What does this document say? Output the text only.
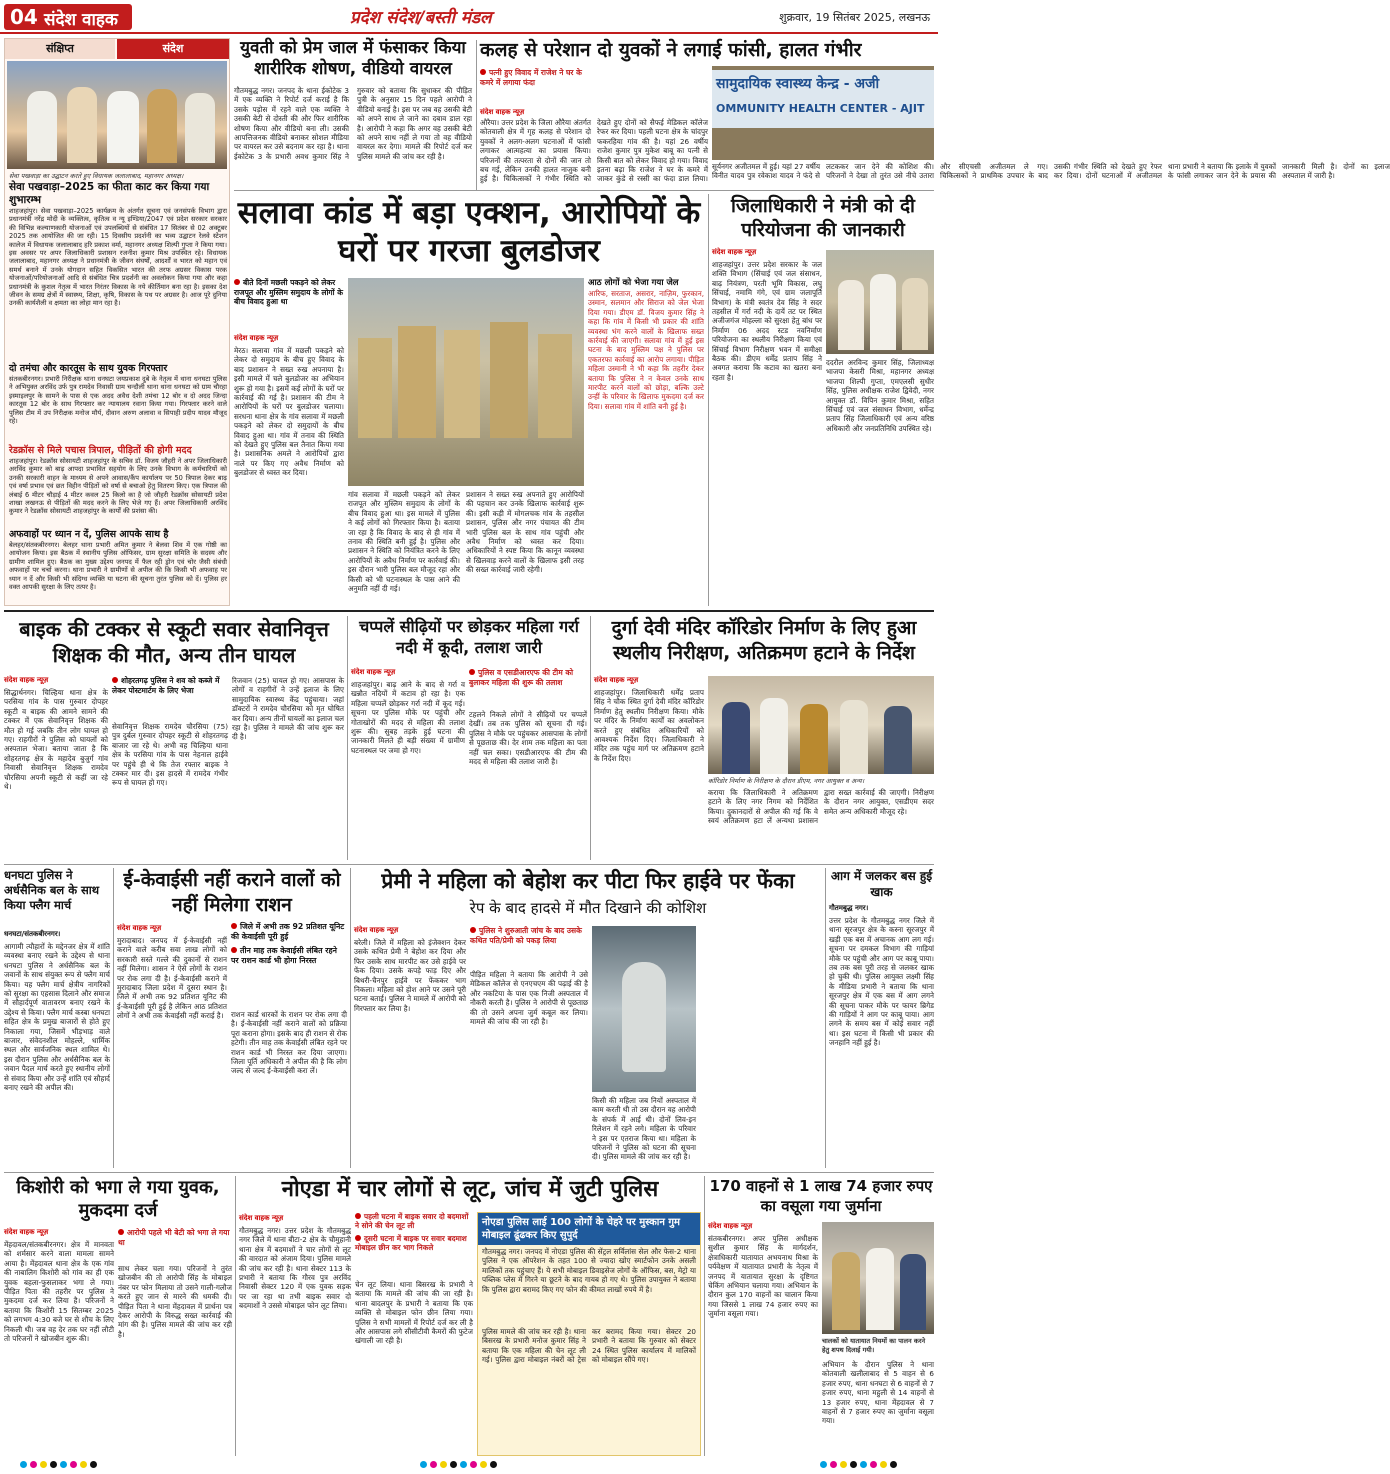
04 संदेश वाहक	प्रदेश संदेश/बस्ती मंडल	शुक्रवार, 19 सितंबर 2025, लखनऊ
संक्षिप्त	संदेश
सेवा पखवाड़ा का उद्घाटन करते हुए विधायक जलालाबाद, महानगर अध्यक्ष।
सेवा पखवाड़ा–2025 का फीता काट कर किया गया शुभारम्भ
शाहजहांपुर। सेवा पखवाड़ा–2025 कार्यक्रम के अंतर्गत सूचना एवं जनसंपर्क विभाग द्वारा प्रधानमंत्री नरेंद्र मोदी के व्यक्तित्व, कृतित्व व न्यू इण्डिया/2047 एवं प्रदेश सरकार सरकार की विभिन्न कल्याणकारी योजनाओं एवं उपलब्धियों से संबंधित 17 सितंबर से 02 अक्टूबर 2025 तक आयोजित की जा रही। 15 दिवसीय प्रदर्शनी का भव्य उद्घाटन रेलवे स्टेशन कालेज में विधायक जलालाबाद हरि प्रकाश वर्मा, महानगर अध्यक्ष शिल्पी गुप्ता ने किया गया। इस अवसर पर अपर जिलाधिकारी प्रशासन रजनीश कुमार मिश्र उपस्थित रहे। विधायक जलालाबाद, महानगर अध्यक्ष ने प्रधानमंत्री के जीवन संघर्षों, आदर्शों व भारत को महान एवं समर्थ बनाने में उनके योगदान सहित विकसित भारत की तरफ अग्रसर विकास परक योजनाओं/परियोजनाओं आदि से संबंधित चित्र प्रदर्शनी का अवलोकन किया गया और कहा प्रधानमंत्री के कुशल नेतृत्व में भारत निरंतर विकास के नये कीर्तिमान बना रहा है। इसका देश जीवन के समग्र क्षेत्रों में स्वास्थ्य, शिक्षा, कृषि, विकास के पथ पर अग्रसर है। आज पूरे दुनिया उनकी कार्यशैली व क्षमता का लोहा मान रहा है।
दो तमंचा और कारतूस के साथ युवक गिरफ्तार
संतकबीरनगर। प्रभारी निरीक्षक थाना धनघटा जयप्रकाश दुबे के नेतृत्व में थाना धनघटा पुलिस ने अभियुक्त अरविंद उर्फ पुत्र रामदेव निवासी ग्राम चन्दौली थाना थाना धनघटा को ग्राम चौरहा इस्माइलपुर के सामने के पास से एक अदद अवैध देशी तमंचा 12 बोर व दो अदद जिन्दा कारतूस 12 बोर के साथ गिरफ्तार कर न्यायालय रवाना किया गया। गिरफ्तार करने वाले पुलिस टीम में उप निरीक्षक मनोज मौर्य, दीवान अरुण अलावा व सिपाही प्रदीप यादव मौजूद रहे।
रेडक्रॉस से मिले पचास त्रिपाल, पीड़ितों की होगी मदद
शाहजहांपुर। रेडक्रॉस सोसायटी शाहजहांपुर के सचिव डॉ. विजय जौहरी ने अपर जिलाधिकारी अरविंद कुमार को बाढ़ आपदा प्रभावित सहयोग के लिए उनके विभाग के कर्मचारियों को उनकी सरकारी वाहन के माध्यम से अपने आवास/कैंप कार्यालय पर 50 त्रिपाल देकर बाढ़ एवं वर्षा प्रभाव एवं छत विहीन पीड़ितों को वर्षा से बचाओ हेतु वितरण किए। एक त्रिपाल की लंबाई 6 मीटर चौड़ाई 4 मीटर कवल 25 किलो का है जो जौहरी रेडक्रॉस सोसायटी प्रदेश शाखा लखनऊ से पीड़ितों की मदद करने के लिए भेजे गए हैं। अपर जिलाधिकारी अरविंद कुमार ने रेडक्रॉस सोसायटी शाहजहांपुर के कार्यों की प्रशंसा की।
अफवाहों पर ध्यान न दें, पुलिस आपके साथ है
बेलहर/संतकबीरनगर। बेलहर थाना प्रभारी अमित कुमार ने बेलवा शिव में एक गोष्ठी का आयोजन किया। इस बैठक में स्थानीय पुलिस ऑफिसर, ग्राम सुरक्षा समिति के सदस्य और ग्रामीण शामिल हुए। बैठक का मुख्य उद्देश्य जनपद में फैल रही ड्रोन एवं चोर जैसी संबंधी अफवाहों पर चर्चा करना। थाना प्रभारी ने ग्रामीणों से अपील की कि किसी भी अफवाह पर ध्यान न दें और किसी भी संदिग्ध व्यक्ति या घटना की सूचना तुरंत पुलिस को दें। पुलिस हर वक्त आपकी सुरक्षा के लिए तत्पर है।
युवती को प्रेम जाल में फंसाकर किया शारीरिक शोषण, वीडियो वायरल
गौतमबुद्ध नगर। जनपद के थाना ईकोटेक 3 में एक व्यक्ति ने रिपोर्ट दर्ज कराई है कि उसके पड़ोस में रहने वाले एक व्यक्ति ने उसकी बेटी से दोस्ती की और फिर शारीरिक शोषण किया और वीडियो बना ली। उसकी आपत्तिजनक वीडियो बनाकर सोशल मीडिया पर वायरल कर उसे बदनाम कर रहा है। थाना ईकोटेक 3 के प्रभारी अवध कुमार सिंह ने गुरुवार को बताया कि सुधाकर की पीड़ित पुत्री के अनुसार 15 दिन पहले आरोपी ने वीडियो बनाई है। इस पर जब वह उसकी बेटी को अपने साथ ले जाने का दबाव डाल रहा है। आरोपी ने कहा कि अगर वह उसकी बेटी को अपने साथ नहीं ले गया तो वह वीडियो वायरल कर देगा। मामले की रिपोर्ट दर्ज कर पुलिस मामले की जांच कर रही है।
कलह से परेशान दो युवकों ने लगाई फांसी, हालत गंभीर
पत्नी हुए विवाद में राजेश ने घर के कमरे में लगाया फंदा
संदेश वाहक न्यूज़
औरैया। उत्तर प्रदेश के जिला औरैया अंतर्गत कोतवाली क्षेत्र में गृह कलह से परेशान दो युवकों ने अलग-अलग घटनाओं में फांसी लगाकर आत्महत्या का प्रयास किया। परिजनों की तत्परता से दोनों की जान तो बच गई, लेकिन उनकी हालत नाजुक बनी हुई है। चिकित्सकों ने गंभीर स्थिति को देखते हुए दोनों को सैफई मेडिकल कॉलेज रेफर कर दिया। पहली घटना क्षेत्र के चांदपुर फकरहिया गांव की है। यहां 26 वर्षीय राजेश कुमार पुत्र मुकेश बाबू का पत्नी से किसी बात को लेकर विवाद हो गया। विवाद इतना बढ़ा कि राजेश ने घर के कमरे में जाकर कुंडे से रस्सी का फंदा डाल लिया।
सामुदायिक स्वास्थ्य केन्द्र - अजी
OMMUNITY HEALTH CENTER - AJIT
सूर्यनगर अजीतमल में हुई। यहां 27 वर्षीय विनीत यादव पुत्र रवेकाश यादव ने फंदे से लटककर जान देने की कोशिश की। परिजनों ने देखा तो तुरंत उसे नीचे उतारा और सीएचसी अजीतमल ले गए। चिकित्सकों ने प्राथमिक उपचार के बाद उसकी गंभीर स्थिति को देखते हुए रेफर कर दिया। दोनों घटनाओं में अजीतमल थाना प्रभारी ने बताया कि इलाके में युवकों के फांसी लगाकर जान देने के प्रयास की जानकारी मिली है। दोनों का इलाज अस्पताल में जारी है।
सलावा कांड में बड़ा एक्शन, आरोपियों के घरों पर गरजा बुलडोजर
बीते दिनों मछली पकड़ने को लेकर राजपूत और मुस्लिम समुदाय के लोगों के बीच विवाद हुआ था
संदेश वाहक न्यूज़
मेरठ। सलावा गांव में मछली पकड़ने को लेकर दो समुदाय के बीच हुए विवाद के बाद प्रशासन ने सख्त रुख अपनाया है। इसी मामले में चले बुलडोजर का अभियान शुरू हो गया है। इसमें कई लोगों के घरों पर कार्रवाई की गई है। प्रशासन की टीम ने आरोपियों के घरों पर बुलडोजर चलाया। सरधना थाना क्षेत्र के गांव सलावा में मछली पकड़ने को लेकर दो समुदायों के बीच विवाद हुआ था। गांव में तनाव की स्थिति को देखते हुए पुलिस बल तैनात किया गया है। प्रशासनिक अमले ने आरोपियों द्वारा नाले पर किए गए अवैध निर्माण को बुलडोजर से ध्वस्त कर दिया।
गांव सलावा में मछली पकड़ने को लेकर राजपूत और मुस्लिम समुदाय के लोगों के बीच विवाद हुआ था। इस मामले में पुलिस ने कई लोगों को गिरफ्तार किया है। बताया जा रहा है कि विवाद के बाद से ही गांव में तनाव की स्थिति बनी हुई है। पुलिस और प्रशासन ने स्थिति को नियंत्रित करने के लिए आरोपियों के अवैध निर्माण पर कार्रवाई की। इस दौरान भारी पुलिस बल मौजूद रहा और किसी को भी घटनास्थल के पास आने की अनुमति नहीं दी गई।
प्रशासन ने सख्त रुख अपनाते हुए आरोपियों की पहचान कर उनके खिलाफ कार्रवाई शुरू की। इसी कड़ी में मोगलचक गांव के तहसील प्रशासन, पुलिस और नगर पंचायत की टीम भारी पुलिस बल के साथ गांव पहुंची और अवैध निर्माण को ध्वस्त कर दिया। अधिकारियों ने स्पष्ट किया कि कानून व्यवस्था से खिलवाड़ करने वालों के खिलाफ इसी तरह की सख्त कार्रवाई जारी रहेगी।
आठ लोगों को भेजा गया जेल
आरिफ, सरताज, असरार, नाज़िम, फुरकान, उस्मान, सलमान और सिराज को जेल भेजा दिया गया। डीएम डॉ. विजय कुमार सिंह ने कहा कि गांव में किसी भी प्रकार की शांति व्यवस्था भंग करने वालों के खिलाफ सख्त कार्रवाई की जाएगी। सलावा गांव में हुई इस घटना के बाद मुस्लिम पक्ष ने पुलिस पर एकतरफा कार्रवाई का आरोप लगाया। पीड़ित महिला उस्मानी ने भी कहा कि तहरीर देकर बताया कि पुलिस ने न केवल उनके साथ मारपीट करने वालों को छोड़ा, बल्कि उल्टे उन्हीं के परिवार के खिलाफ मुकदमा दर्ज कर दिया। सलावा गांव में शांति बनी हुई है।
जिलाधिकारी ने मंत्री को दी परियोजना की जानकारी
संदेश वाहक न्यूज़
शाहजहांपुर। उत्तर प्रदेश सरकार के जल शक्ति विभाग (सिंचाई एवं जल संसाधन, बाढ़ नियंत्रण, परती भूमि विकास, लघु सिंचाई, नमामि गंगे, एवं ग्राम जलापूर्ति विभाग) के मंत्री स्वतंत्र देव सिंह ने सदर तहसील में गर्रा नदी के दायें तट पर स्थित अजीजगंज मोहल्ला को सुरक्षा हेतु बांध पर निर्माण 06 अदद स्टड नवनिर्माण परियोजना का स्थलीय निरीक्षण किया एवं सिंचाई विभाग निरीक्षण भवन में समीक्षा बैठक की। डीएम धर्मेंद्र प्रताप सिंह ने अवगत कराया कि कटाव का खतरा बना रहता है।
ददरौल अरविन्द कुमार सिंह, जिलाध्यक्ष भाजपा केसरी मिश्रा, महानगर अध्यक्ष भाजपा शिल्पी गुप्ता, एमएलसी सुधीर सिंह, पुलिस अधीक्षक राजेश द्विवेदी, नगर आयुक्त डॉ. विपिन कुमार मिश्रा, सहित सिंचाई एवं जल संसाधन विभाग, धर्मेन्द्र प्रताप सिंह जिलाधिकारी एवं अन्य वरिष्ठ अधिकारी और जनप्रतिनिधि उपस्थित रहे।
बाइक की टक्कर से स्कूटी सवार सेवानिवृत्त शिक्षक की मौत, अन्य तीन घायल
संदेश वाहक न्यूज़
सिद्धार्थनगर। चिल्हिया थाना क्षेत्र के परसिया गांव के पास गुरुवार दोपहर स्कूटी व बाइक की आमने सामने की टक्कर में एक सेवानिवृत्त शिक्षक की मौत हो गई जबकि तीन लोग घायल हो गए। राहगीरों ने पुलिस को घायलों को अस्पताल भेजा। बताया जाता है कि शोहरतगढ़ क्षेत्र के महादेव बुजुर्ग गांव निवासी सेवानिवृत्त शिक्षक रामदेव चौरसिया अपनी स्कूटी से कहीं जा रहे थे।
शोहरतगढ़ पुलिस ने शव को कब्जे में लेकर पोस्टमार्टम के लिए भेजा
सेवानिवृत्त शिक्षक रामदेव चौरसिया (75) पुत्र दुर्बल गुरुवार दोपहर स्कूटी से शोहरतगढ़ बाजार जा रहे थे। अभी वह चिल्हिया थाना क्षेत्र के परसिया गांव के पास नेहनाल हाईवे पर पहुंचे ही थे कि तेज रफ्तार बाइक ने टक्कर मार दी। इस हादसे में रामदेव गंभीर रूप से घायल हो गए।
रिजवान (25) घायल हो गए। आसपास के लोगों व राहगीरों ने उन्हें इलाज के लिए सामुदायिक स्वास्थ्य केंद्र पहुंचाया। जहां डॉक्टरों ने रामदेव चौरसिया को मृत घोषित कर दिया। अन्य तीनों घायलों का इलाज चल रहा है। पुलिस ने मामले की जांच शुरू कर दी है।
चप्पलें सीढ़ियों पर छोड़कर महिला गर्रा नदी में कूदी, तलाश जारी
संदेश वाहक न्यूज़
शाहजहांपुर। बाढ़ आने के बाद से गर्रा व खन्नौत नदियों में कटाव हो रहा है। एक महिला चप्पलें छोड़कर गर्रा नदी में कूद गई। सूचना पर पुलिस मौके पर पहुंची और गोताखोरों की मदद से महिला की तलाश शुरू की। सुबह तड़के हुई घटना की जानकारी मिलते ही बड़ी संख्या में ग्रामीण घटनास्थल पर जमा हो गए।
पुलिस व एसडीआरएफ की टीम को बुलाकर महिला की शुरू की तलाश
टहलने निकले लोगों ने सीढ़ियों पर चप्पलें देखीं। तब तक पुलिस को सूचना दी गई। पुलिस ने मौके पर पहुंचकर आसपास के लोगों से पूछताछ की। देर शाम तक महिला का पता नहीं चल सका। एसडीआरएफ की टीम की मदद से महिला की तलाश जारी है।
दुर्गा देवी मंदिर कॉरिडोर निर्माण के लिए हुआ स्थलीय निरीक्षण, अतिक्रमण हटाने के निर्देश
संदेश वाहक न्यूज़
शाहजहांपुर। जिलाधिकारी धर्मेंद्र प्रताप सिंह ने चौक स्थित दुर्गा देवी मंदिर कॉरिडोर निर्माण हेतु स्थलीय निरीक्षण किया। मौके पर मंदिर के निर्माण कार्यों का अवलोकन करते हुए संबंधित अधिकारियों को आवश्यक निर्देश दिए। जिलाधिकारी ने मंदिर तक पहुंच मार्ग पर अतिक्रमण हटाने के निर्देश दिए।
कॉरिडोर निर्माण के निरीक्षण के दौरान डीएम, नगर आयुक्त व अन्य।
कराया कि जिलाधिकारी ने अतिक्रमण हटाने के लिए नगर निगम को निर्देशित किया। दुकानदारों से अपील की गई कि वे स्वयं अतिक्रमण हटा लें अन्यथा प्रशासन द्वारा सख्त कार्रवाई की जाएगी। निरीक्षण के दौरान नगर आयुक्त, एसडीएम सदर समेत अन्य अधिकारी मौजूद रहे।
धनघटा पुलिस ने अर्धसैनिक बल के साथ किया फ्लैग मार्च
धनघटा/संतकबीरनगर।
आगामी त्यौहारों के मद्देनजर क्षेत्र में शांति व्यवस्था बनाए रखने के उद्देश्य से थाना धनघटा पुलिस ने अर्धसैनिक बल के जवानों के साथ संयुक्त रूप से फ्लैग मार्च किया। यह फ्लैग मार्च क्षेत्रीय नागरिकों को सुरक्षा का एहसास दिलाने और समाज में सौहार्दपूर्ण वातावरण बनाए रखने के उद्देश्य से किया। फ्लैग मार्च कस्बा धनघटा सहित क्षेत्र के प्रमुख बाजारों से होते हुए निकाला गया, जिसमें भीड़भाड़ वाले बाजार, संवेदनशील मोहल्ले, धार्मिक स्थल और सार्वजनिक स्थल शामिल थे। इस दौरान पुलिस और अर्धसैनिक बल के जवान पैदल मार्च करते हुए स्थानीय लोगों से संवाद किया और उन्हें शांति एवं सौहार्द बनाए रखने की अपील की।
ई-केवाईसी नहीं कराने वालों को नहीं मिलेगा राशन
संदेश वाहक न्यूज़
मुरादाबाद। जनपद में ई-केवाईसी नहीं कराने वाले करीब सवा लाख लोगों को सरकारी सस्ते गल्ले की दुकानों से राशन नहीं मिलेगा। शासन ने ऐसे लोगों के राशन पर रोक लगा दी है। ई-केवाईसी कराने में मुरादाबाद जिला प्रदेश में दूसरा स्थान है। जिले में अभी तक 92 प्रतिशत यूनिट की ई-केवाईसी पूरी हुई है लेकिन आठ प्रतिशत लोगों ने अभी तक केवाईसी नहीं कराई है।
जिले में अभी तक 92 प्रतिशत यूनिट की केवाईसी पूरी हुई
तीन माह तक केवाईसी लंबित रहने पर राशन कार्ड भी होगा निरस्त
राशन कार्ड धारकों के राशन पर रोक लगा दी है। ई-केवाईसी नहीं कराने वालों को प्रक्रिया पूरा कराना होगा। इसके बाद ही राशन से रोक हटेगी। तीन माह तक केवाईसी लंबित रहने पर राशन कार्ड भी निरस्त कर दिया जाएगा। जिला पूर्ति अधिकारी ने अपील की है कि लोग जल्द से जल्द ई-केवाईसी करा लें।
प्रेमी ने महिला को बेहोश कर पीटा फिर हाईवे पर फेंका
रेप के बाद हादसे में मौत दिखाने की कोशिश
संदेश वाहक न्यूज़
बरेली। जिले में महिला को इंजेक्शन देकर उसके कथित प्रेमी ने बेहोश कर दिया और फिर उसके साथ मारपीट कर उसे हाईवे पर फेंक दिया। उसके कपड़े फाड़ दिए और बिथरी-चैनपुर हाईवे पर फेंककर भाग निकला। महिला को होश आने पर उसने पूरी घटना बताई। पुलिस ने मामले में आरोपी को गिरफ्तार कर लिया है।
पुलिस ने शुरुआती जांच के बाद उसके कथित पति/प्रेमी को पकड़ लिया
पीड़ित महिला ने बताया कि आरोपी ने उसे मेडिकल कॉलेज से एनएचएम की पढ़ाई की है और नकटिया के पास एक निजी अस्पताल में नौकरी करती है। पुलिस ने आरोपी से पूछताछ की तो उसने अपना जुर्म कबूल कर लिया। मामले की जांच की जा रही है।
किसी की महिला जब नियों अस्पताल में काम करती थी तो उस दौरान वह आरोपी के संपर्क में आई थी। दोनों लिव-इन रिलेशन में रहने लगे। महिला के परिवार ने इस पर एतराज किया था। महिला के परिजनों ने पुलिस को घटना की सूचना दी। पुलिस मामले की जांच कर रही है।
आग में जलकर बस हुई खाक
गौतमबुद्ध नगर।
उत्तर प्रदेश के गौतमबुद्ध नगर जिले में थाना सूरजपुर क्षेत्र के कस्ना सूरजपुर में खड़ी एक बस में अचानक आग लग गई। सूचना पर दमकल विभाग की गाड़ियां मौके पर पहुंची और आग पर काबू पाया। तब तक बस पूरी तरह से जलकर खाक हो चुकी थी। पुलिस आयुक्त लक्ष्मी सिंह के मीडिया प्रभारी ने बताया कि थाना सूरजपुर क्षेत्र में एक बस में आग लगने की सूचना पाकर मौके पर फायर ब्रिगेड की गाड़ियों ने आग पर काबू पाया। आग लगने के समय बस में कोई सवार नहीं था। इस घटना में किसी भी प्रकार की जनहानि नहीं हुई है।
किशोरी को भगा ले गया युवक, मुकदमा दर्ज
संदेश वाहक न्यूज़
मेंहदावल/संतकबीरनगर। क्षेत्र में मानवता को शर्मसार करने वाला मामला सामने आया है। मेंहदावल थाना क्षेत्र के एक गांव की नाबालिग किशोरी को गांव का ही एक युवक बहला-फुसलाकर भगा ले गया। पीड़ित पिता की तहरीर पर पुलिस ने मुकदमा दर्ज कर लिया है। परिजनों ने बताया कि किशोरी 15 सितम्बर 2025 को लगभग 4:30 बजे घर से शौच के लिए निकली थी। जब वह देर तक घर नहीं लौटी तो परिजनों ने खोजबीन शुरू की।
आरोपी पहले भी बेटी को भगा ले गया था
साथ लेकर चला गया। परिजनों ने तुरंत खोजबीन की तो आरोपी सिंह के मोबाइल नंबर पर फोन मिलाया तो उसने गाली-गलौज करते हुए जान से मारने की धमकी दी। पीड़ित पिता ने थाना मेंहदावल में प्रार्थना पत्र देकर आरोपी के विरुद्ध सख्त कार्रवाई की मांग की है। पुलिस मामले की जांच कर रही है।
नोएडा में चार लोगों से लूट, जांच में जुटी पुलिस
संदेश वाहक न्यूज़
गौतमबुद्ध नगर। उत्तर प्रदेश के गौतमबुद्ध नगर जिले में थाना बीटा-2 क्षेत्र के चौमुहानी थाना क्षेत्र में बदमाशों ने चार लोगों से लूट की वारदात को अंजाम दिया। पुलिस मामले की जांच कर रही है। थाना सेक्टर 113 के प्रभारी ने बताया कि गौरव पुत्र अरविंद निवासी सेक्टर 120 में एक युवक सड़क पर जा रहा था तभी बाइक सवार दो बदमाशों ने उससे मोबाइल फोन लूट लिया।
पहली घटना में बाइक सवार दो बदमाशों ने सोने की चेन लूट ली
दूसरी घटना में बाइक पर सवार बदमाश मोबाइल छीन कर भाग निकले
चेन लूट लिया। थाना बिसरख के प्रभारी ने बताया कि मामले की जांच की जा रही है। थाना बादलपुर के प्रभारी ने बताया कि एक व्यक्ति से मोबाइल फोन छीन लिया गया। पुलिस ने सभी मामलों में रिपोर्ट दर्ज कर ली है और आसपास लगे सीसीटीवी कैमरों की फुटेज खंगाली जा रही है।
नोएडा पुलिस लाई 100 लोगों के चेहरे पर मुस्कान गुम मोबाइल ढूंढकर किए सुपुर्द
गौतमबुद्ध नगर। जनपद में नोएडा पुलिस की सेंट्रल सर्विलांस सेल और फेस-2 थाना पुलिस ने एक ऑपरेशन के तहत 100 से ज्यादा खोए स्मार्टफोन उनके असली मालिकों तक पहुंचाए हैं। ये सभी मोबाइल डिवाइसेज लोगों के ऑफिस, बस, मेट्रो या पब्लिक प्लेस में गिरने या छूटने के बाद गायब हो गए थे। पुलिस उपायुक्त ने बताया कि पुलिस द्वारा बरामद किए गए फोन की कीमत लाखों रुपये में है।
पुलिस मामले की जांच कर रही है। थाना बिसरख के प्रभारी मनोज कुमार सिंह ने बताया कि एक महिला की चेन लूट ली गई। पुलिस द्वारा मोबाइल नंबरों को ट्रेस कर बरामद किया गया। सेक्टर 20 प्रभारी ने बताया कि गुरुवार को सेक्टर 24 स्थित पुलिस कार्यालय में मालिकों को मोबाइल सौंपे गए।
170 वाहनों से 1 लाख 74 हजार रुपए का वसूला गया जुर्माना
संदेश वाहक न्यूज़
संतकबीरनगर। अपर पुलिस अधीक्षक सुशील कुमार सिंह के मार्गदर्शन, क्षेत्राधिकारी यातायात अभयनाथ मिश्रा के पर्यवेक्षण में यातायात प्रभारी के नेतृत्व में जनपद में यातायात सुरक्षा के दृष्टिगत चेकिंग अभियान चलाया गया। अभियान के दौरान कुल 170 वाहनों का चालान किया गया जिससे 1 लाख 74 हजार रुपए का जुर्माना वसूला गया।
चालकों को यातायात नियमों का पालन करने हेतु शपथ दिलाई गयी।
अभियान के दौरान पुलिस ने थाना कोतवाली खलीलाबाद से 5 वाहन से 6 हजार रुपए, थाना धनघटा से 6 वाहनों से 7 हजार रुपए, थाना महुली से 14 वाहनों से 13 हजार रुपए, थाना मेंहदावल से 7 वाहनों से 7 हजार रुपए का जुर्माना वसूला गया।
